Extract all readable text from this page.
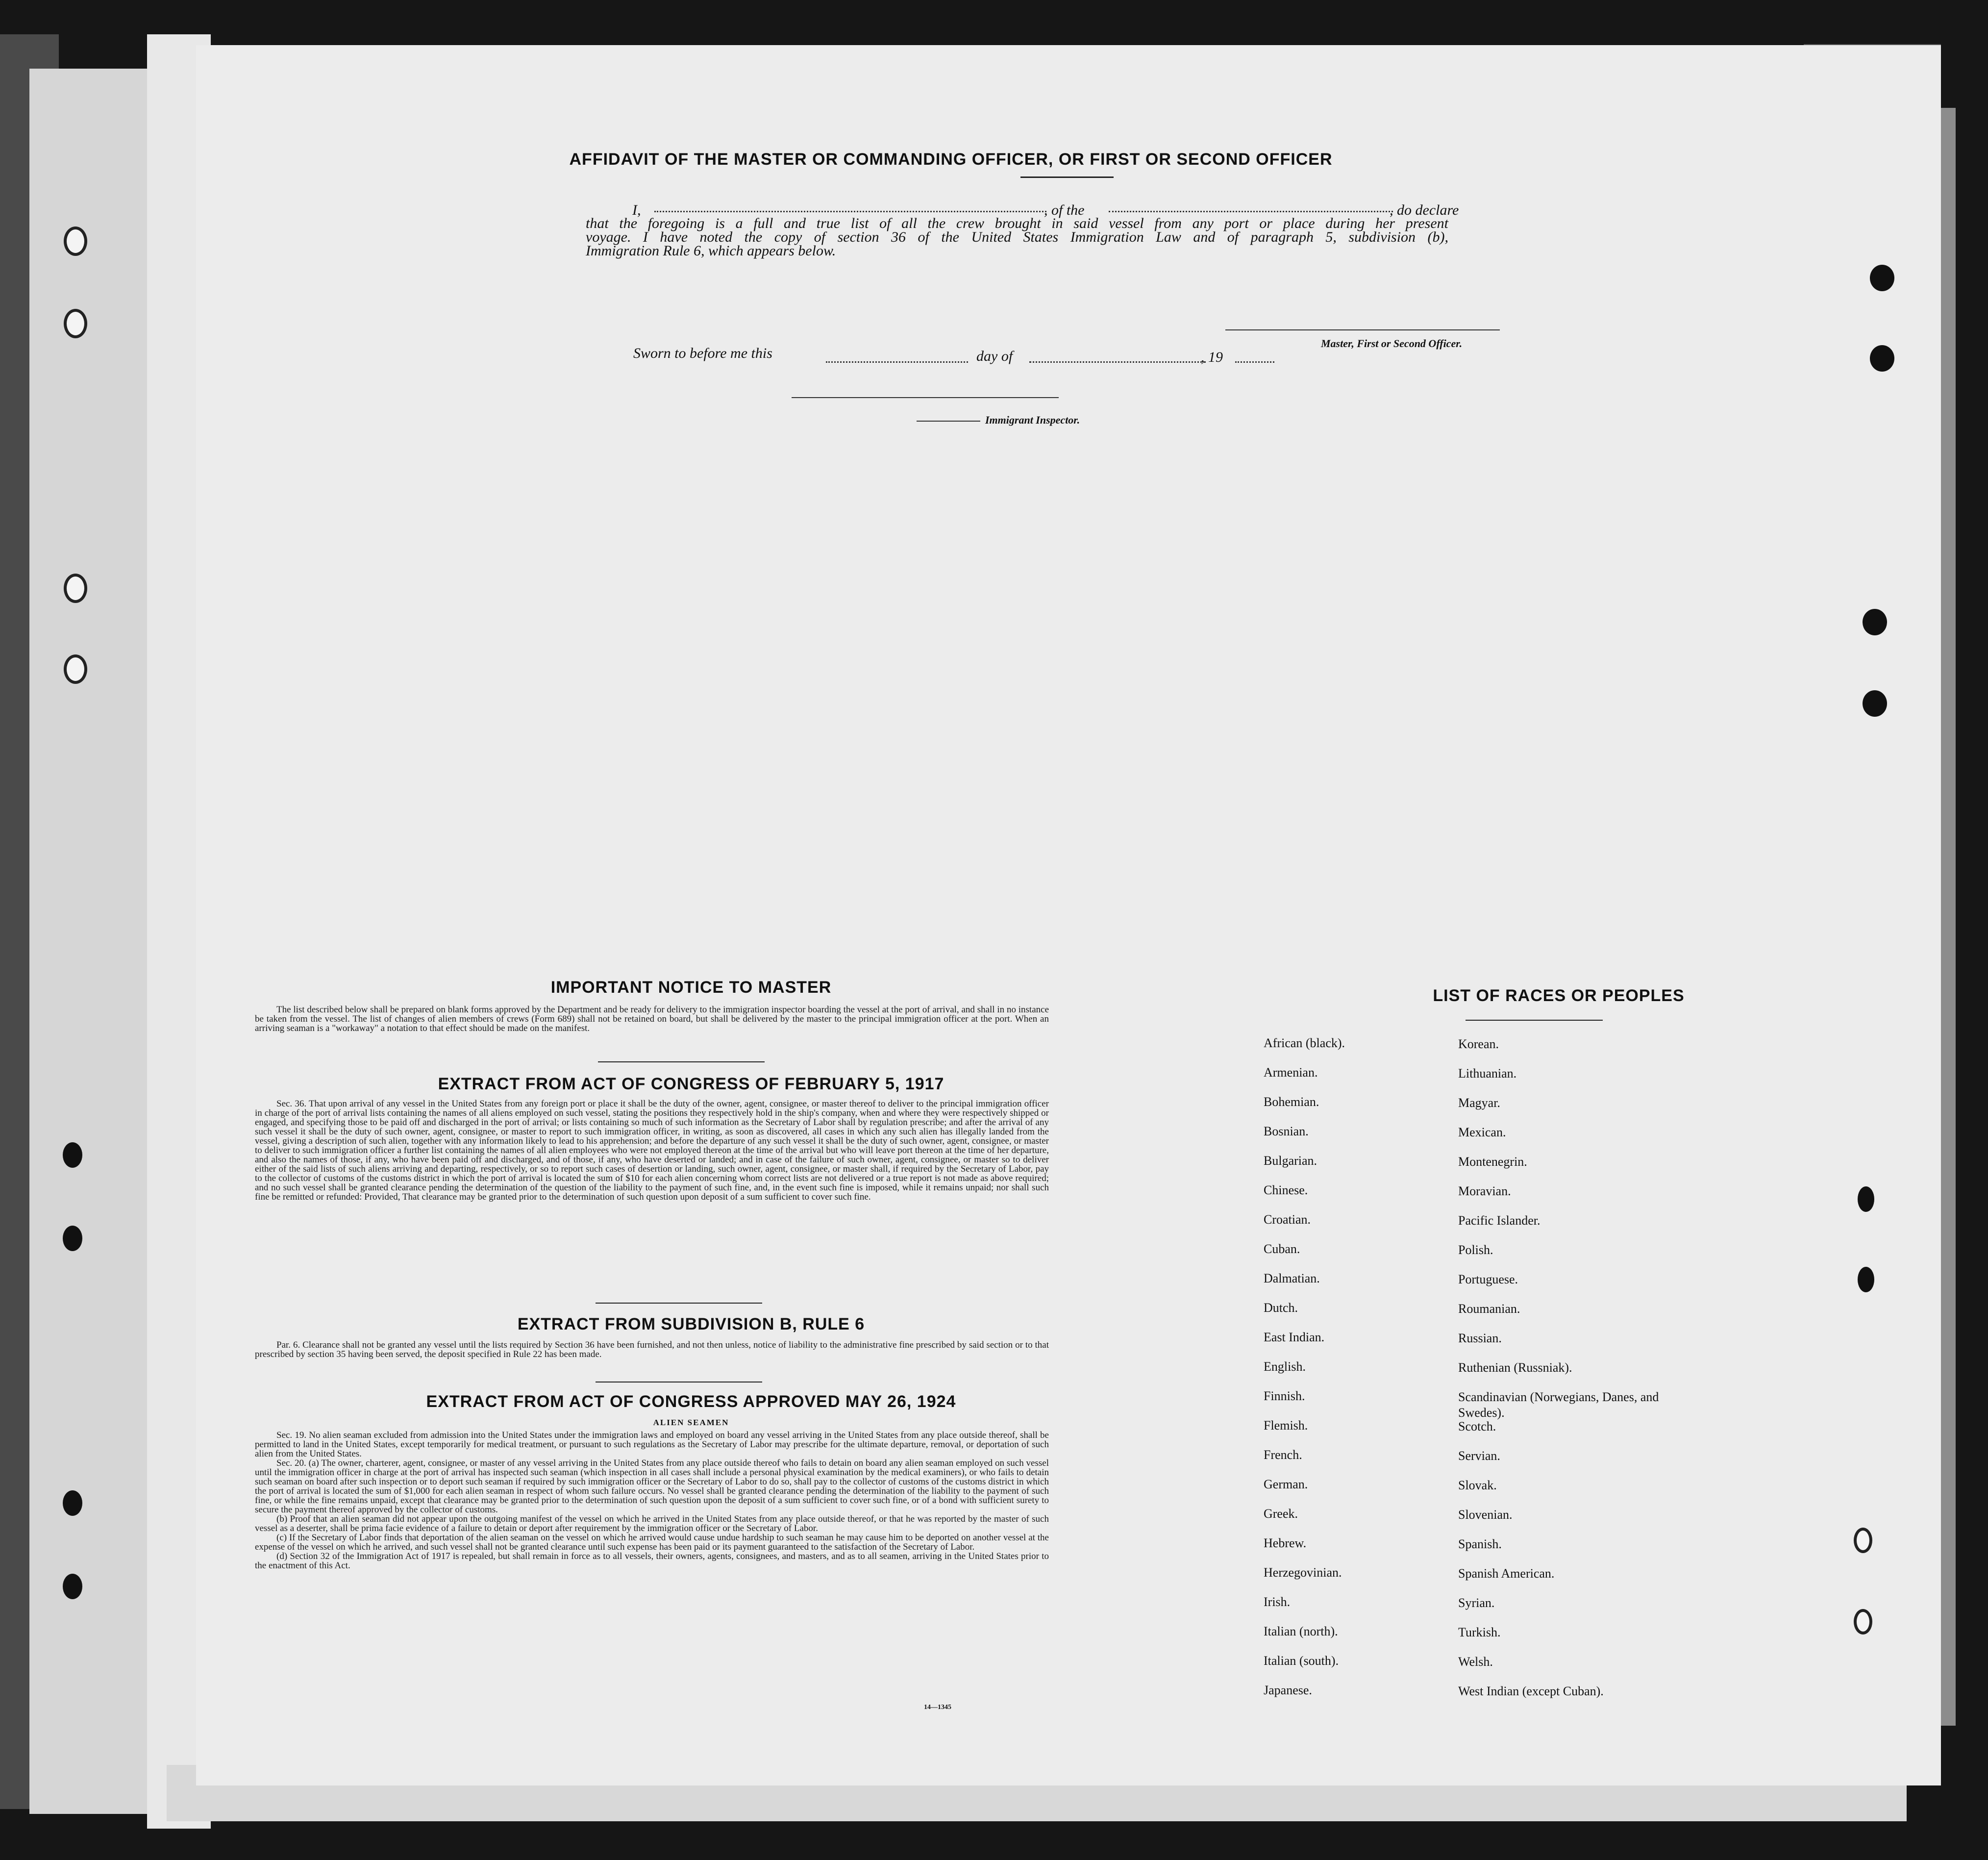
AFFIDAVIT OF THE MASTER OR COMMANDING OFFICER, OR FIRST OR SECOND OFFICER
I,	, of the	, do declare
that the foregoing is a full and true list of all the crew brought in said vessel from any port or place during her present
voyage. I have noted the copy of section 36 of the United States Immigration Law and of paragraph 5, subdivision (b),
Immigration Rule 6, which appears below.
Master, First or Second Officer.
Sworn to before me this	day of	, 19
Immigrant Inspector.
IMPORTANT NOTICE TO MASTER

The list described below shall be prepared on blank forms approved by the Department and be ready for delivery to the immigration inspector boarding the vessel at the port of arrival, and shall in no instance be taken from the vessel. The list of changes of alien members of crews (Form 689) shall not be retained on board, but shall be delivered by the master to the principal immigration officer at the port. When an arriving seaman is a "workaway" a notation to that effect should be made on the manifest.

EXTRACT FROM ACT OF CONGRESS OF FEBRUARY 5, 1917

Sec. 36. That upon arrival of any vessel in the United States from any foreign port or place it shall be the duty of the owner, agent, consignee, or master thereof to deliver to the principal immigration officer in charge of the port of arrival lists containing the names of all aliens employed on such vessel, stating the positions they respectively hold in the ship's company, when and where they were respectively shipped or engaged, and specifying those to be paid off and discharged in the port of arrival; or lists containing so much of such information as the Secretary of Labor shall by regulation prescribe; and after the arrival of any such vessel it shall be the duty of such owner, agent, consignee, or master to report to such immigration officer, in writing, as soon as discovered, all cases in which any such alien has illegally landed from the vessel, giving a description of such alien, together with any information likely to lead to his apprehension; and before the departure of any such vessel it shall be the duty of such owner, agent, consignee, or master to deliver to such immigration officer a further list containing the names of all alien employees who were not employed thereon at the time of the arrival but who will leave port thereon at the time of her departure, and also the names of those, if any, who have been paid off and discharged, and of those, if any, who have deserted or landed; and in case of the failure of such owner, agent, consignee, or master so to deliver either of the said lists of such aliens arriving and departing, respectively, or so to report such cases of desertion or landing, such owner, agent, consignee, or master shall, if required by the Secretary of Labor, pay to the collector of customs of the customs district in which the port of arrival is located the sum of $10 for each alien concerning whom correct lists are not delivered or a true report is not made as above required; and no such vessel shall be granted clearance pending the determination of the question of the liability to the payment of such fine, and, in the event such fine is imposed, while it remains unpaid; nor shall such fine be remitted or refunded: Provided, That clearance may be granted prior to the determination of such question upon deposit of a sum sufficient to cover such fine.

EXTRACT FROM SUBDIVISION B, RULE 6

Par. 6. Clearance shall not be granted any vessel until the lists required by Section 36 have been furnished, and not then unless, notice of liability to the administrative fine prescribed by said section or to that prescribed by section 35 having been served, the deposit specified in Rule 22 has been made.

EXTRACT FROM ACT OF CONGRESS APPROVED MAY 26, 1924
ALIEN SEAMEN

Sec. 19. No alien seaman excluded from admission into the United States under the immigration laws and employed on board any vessel arriving in the United States from any place outside thereof, shall be permitted to land in the United States, except temporarily for medical treatment, or pursuant to such regulations as the Secretary of Labor may prescribe for the ultimate departure, removal, or deportation of such alien from the United States.

Sec. 20. (a) The owner, charterer, agent, consignee, or master of any vessel arriving in the United States from any place outside thereof who fails to detain on board any alien seaman employed on such vessel until the immigration officer in charge at the port of arrival has inspected such seaman (which inspection in all cases shall include a personal physical examination by the medical examiners), or who fails to detain such seaman on board after such inspection or to deport such seaman if required by such immigration officer or the Secretary of Labor to do so, shall pay to the collector of customs of the customs district in which the port of arrival is located the sum of $1,000 for each alien seaman in respect of whom such failure occurs. No vessel shall be granted clearance pending the determination of the liability to the payment of such fine, or while the fine remains unpaid, except that clearance may be granted prior to the determination of such question upon the deposit of a sum sufficient to cover such fine, or of a bond with sufficient surety to secure the payment thereof approved by the collector of customs.

(b) Proof that an alien seaman did not appear upon the outgoing manifest of the vessel on which he arrived in the United States from any place outside thereof, or that he was reported by the master of such vessel as a deserter, shall be prima facie evidence of a failure to detain or deport after requirement by the immigration officer or the Secretary of Labor.

(c) If the Secretary of Labor finds that deportation of the alien seaman on the vessel on which he arrived would cause undue hardship to such seaman he may cause him to be deported on another vessel at the expense of the vessel on which he arrived, and such vessel shall not be granted clearance until such expense has been paid or its payment guaranteed to the satisfaction of the Secretary of Labor.

(d) Section 32 of the Immigration Act of 1917 is repealed, but shall remain in force as to all vessels, their owners, agents, consignees, and masters, and as to all seamen, arriving in the United States prior to the enactment of this Act.

14—1345
LIST OF RACES OR PEOPLES
African (black).
Armenian.
Bohemian.
Bosnian.
Bulgarian.
Chinese.
Croatian.
Cuban.
Dalmatian.
Dutch.
East Indian.
English.
Finnish.
Flemish.
French.
German.
Greek.
Hebrew.
Herzegovinian.
Irish.
Italian (north).
Italian (south).
Japanese.
Korean.
Lithuanian.
Magyar.
Mexican.
Montenegrin.
Moravian.
Pacific Islander.
Polish.
Portuguese.
Roumanian.
Russian.
Ruthenian (Russniak).
Scandinavian (Norwegians, Danes, and Swedes).
Scotch.
Servian.
Slovak.
Slovenian.
Spanish.
Spanish American.
Syrian.
Turkish.
Welsh.
West Indian (except Cuban).
